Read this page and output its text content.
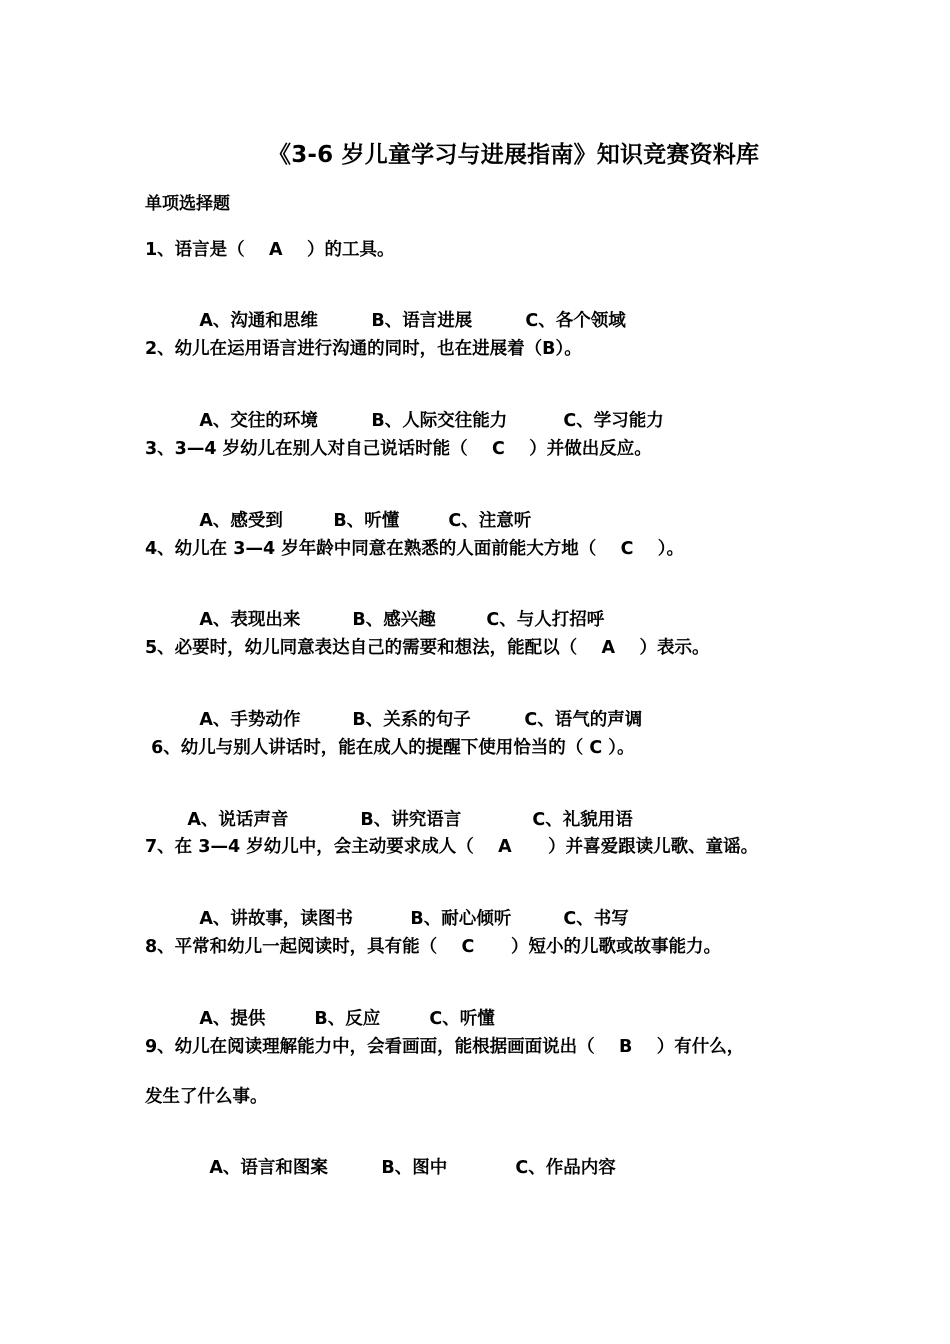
《3-6 岁儿童学习与进展指南》知识竞赛资料库
单项选择题
1、语言是（    A    ）的工具。

A、沟通和思维	B、语言进展	C、各个领域

2、幼儿在运用语言进行沟通的同时，也在进展着（B）。

A、交往的环境	B、人际交往能力	C、学习能力

3、3—4 岁幼儿在别人对自己说话时能（    C    ）并做出反应。

A、感受到	B、听懂	C、注意听

4、幼儿在 3—4 岁年龄中同意在熟悉的人面前能大方地（    C    ）。

A、表现出来	B、感兴趣	C、与人打招呼

5、必要时，幼儿同意表达自己的需要和想法，能配以（    A    ）表示。

A、手势动作	B、关系的句子	C、语气的声调

6、幼儿与别人讲话时，能在成人的提醒下使用恰当的（ C ）。

A、说话声音	B、讲究语言	C、礼貌用语

7、在 3—4 岁幼儿中，会主动要求成人（    A      ）并喜爱跟读儿歌、童谣。

A、讲故事，读图书	B、耐心倾听	C、书写

8、平常和幼儿一起阅读时，具有能（    C      ）短小的儿歌或故事能力。

A、提供	B、反应	C、听懂

9、幼儿在阅读理解能力中，会看画面，能根据画面说出（    B    ）有什么，
发生了什么事。

A、语言和图案	B、图中	C、作品内容
